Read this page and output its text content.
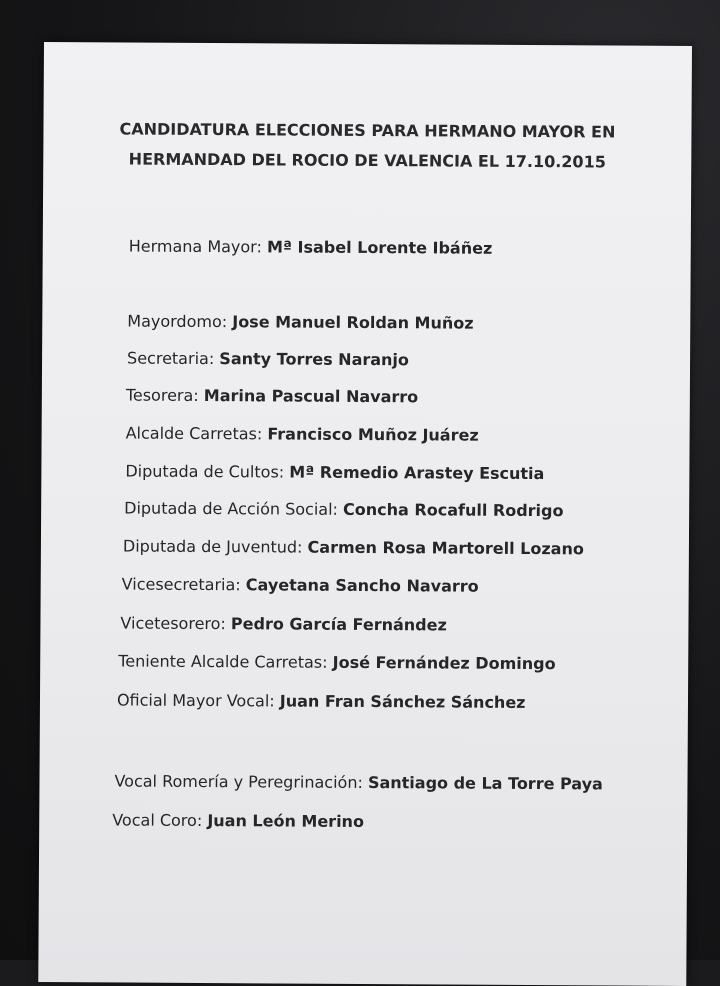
CANDIDATURA ELECCIONES PARA HERMANO MAYOR EN
HERMANDAD DEL ROCIO DE VALENCIA EL 17.10.2015
Hermana Mayor: Mª Isabel Lorente Ibáñez
Mayordomo: Jose Manuel Roldan Muñoz
Secretaria: Santy Torres Naranjo
Tesorera: Marina Pascual Navarro
Alcalde Carretas: Francisco Muñoz Juárez
Diputada de Cultos: Mª Remedio Arastey Escutia
Diputada de Acción Social: Concha Rocafull Rodrigo
Diputada de Juventud: Carmen Rosa Martorell Lozano
Vicesecretaria: Cayetana Sancho Navarro
Vicetesorero: Pedro García Fernández
Teniente Alcalde Carretas: José Fernández Domingo
Oficial Mayor Vocal: Juan Fran Sánchez Sánchez
Vocal Romería y Peregrinación: Santiago de La Torre Paya
Vocal Coro: Juan León Merino
